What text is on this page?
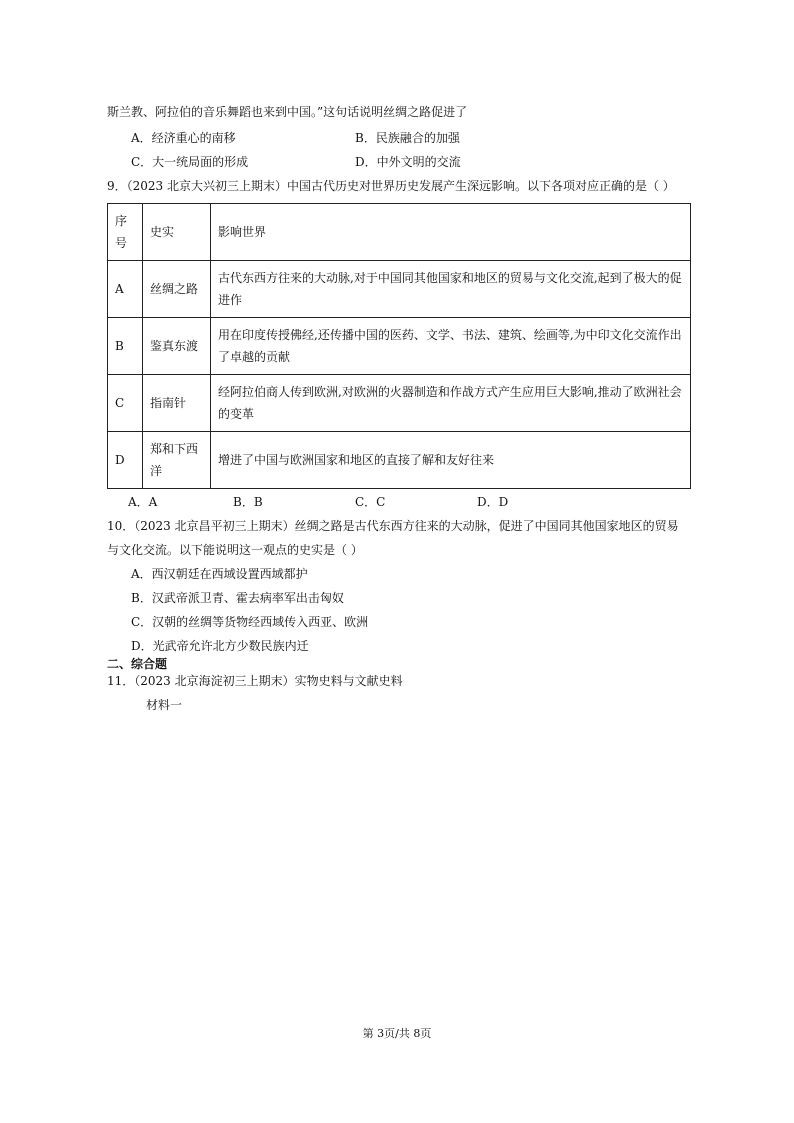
斯兰教、阿拉伯的音乐舞蹈也来到中国。”这句话说明丝绸之路促进了
A．经济重心的南移	B．民族融合的加强
C．大一统局面的形成	D．中外文明的交流
9．（2023 北京大兴初三上期末）中国古代历史对世界历史发展产生深远影响。以下各项对应正确的是（ ）
序号	史实	影响世界
A	丝绸之路	古代东西方往来的大动脉,对于中国同其他国家和地区的贸易与文化交流,起到了极大的促进作
B	鉴真东渡	用在印度传授佛经,还传播中国的医药、文学、书法、建筑、绘画等,为中印文化交流作出了卓越的贡献
C	指南针	经阿拉伯商人传到欧洲,对欧洲的火器制造和作战方式产生应用巨大影响,推动了欧洲社会的变革
D	郑和下西洋	增进了中国与欧洲国家和地区的直接了解和友好往来
A．A	B．B	C．C	D．D
10．（2023 北京昌平初三上期末）丝绸之路是古代东西方往来的大动脉，促进了中国同其他国家地区的贸易
与文化交流。以下能说明这一观点的史实是（ ）
A．西汉朝廷在西域设置西域都护
B．汉武帝派卫青、霍去病率军出击匈奴
C．汉朝的丝绸等货物经西域传入西亚、欧洲
D．光武帝允许北方少数民族内迁
二、综合题
11．（2023 北京海淀初三上期末）实物史料与文献史料
材料一
第 3页/共 8页
